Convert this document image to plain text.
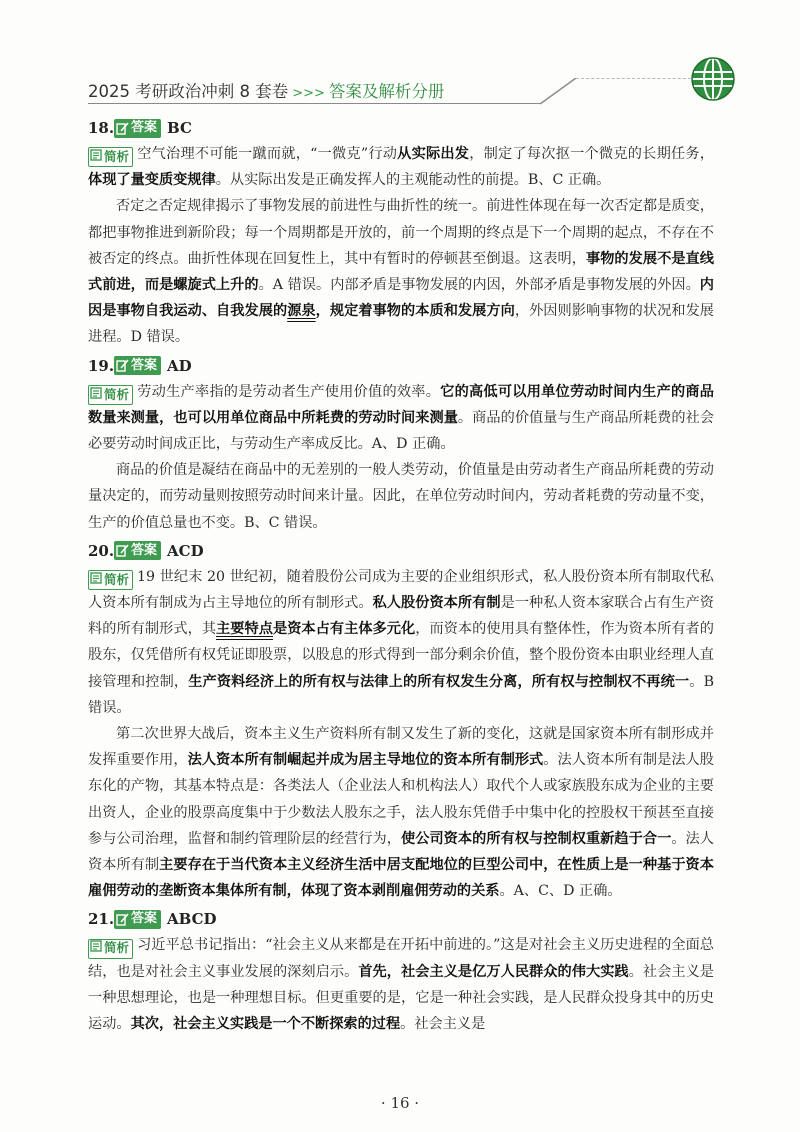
2025 考研政治冲刺 8 套卷 >>> 答案及解析分册
18. 答案 BC

简析 空气治理不可能一蹴而就，“一微克”行动从实际出发，制定了每次抠一个微克的长期任务，体现了量变质变规律。从实际出发是正确发挥人的主观能动性的前提。B、C 正确。

否定之否定规律揭示了事物发展的前进性与曲折性的统一。前进性体现在每一次否定都是质变，都把事物推进到新阶段；每一个周期都是开放的，前一个周期的终点是下一个周期的起点，不存在不被否定的终点。曲折性体现在回复性上，其中有暂时的停顿甚至倒退。这表明，事物的发展不是直线式前进，而是螺旋式上升的。A 错误。内部矛盾是事物发展的内因，外部矛盾是事物发展的外因。内因是事物自我运动、自我发展的源泉，规定着事物的本质和发展方向，外因则影响事物的状况和发展进程。D 错误。

19. 答案 AD

简析 劳动生产率指的是劳动者生产使用价值的效率。它的高低可以用单位劳动时间内生产的商品数量来测量，也可以用单位商品中所耗费的劳动时间来测量。商品的价值量与生产商品所耗费的社会必要劳动时间成正比，与劳动生产率成反比。A、D 正确。

商品的价值是凝结在商品中的无差别的一般人类劳动，价值量是由劳动者生产商品所耗费的劳动量决定的，而劳动量则按照劳动时间来计量。因此，在单位劳动时间内，劳动者耗费的劳动量不变，生产的价值总量也不变。B、C 错误。

20. 答案 ACD

简析 19 世纪末 20 世纪初，随着股份公司成为主要的企业组织形式，私人股份资本所有制取代私人资本所有制成为占主导地位的所有制形式。私人股份资本所有制是一种私人资本家联合占有生产资料的所有制形式，其主要特点是资本占有主体多元化，而资本的使用具有整体性，作为资本所有者的股东，仅凭借所有权凭证即股票，以股息的形式得到一部分剩余价值，整个股份资本由职业经理人直接管理和控制，生产资料经济上的所有权与法律上的所有权发生分离，所有权与控制权不再统一。B 错误。

第二次世界大战后，资本主义生产资料所有制又发生了新的变化，这就是国家资本所有制形成并发挥重要作用，法人资本所有制崛起并成为居主导地位的资本所有制形式。法人资本所有制是法人股东化的产物，其基本特点是：各类法人（企业法人和机构法人）取代个人或家族股东成为企业的主要出资人，企业的股票高度集中于少数法人股东之手，法人股东凭借手中集中化的控股权干预甚至直接参与公司治理，监督和制约管理阶层的经营行为，使公司资本的所有权与控制权重新趋于合一。法人资本所有制主要存在于当代资本主义经济生活中居支配地位的巨型公司中，在性质上是一种基于资本雇佣劳动的垄断资本集体所有制，体现了资本剥削雇佣劳动的关系。A、C、D 正确。

21. 答案 ABCD

简析 习近平总书记指出：“社会主义从来都是在开拓中前进的。”这是对社会主义历史进程的全面总结，也是对社会主义事业发展的深刻启示。首先，社会主义是亿万人民群众的伟大实践。社会主义是一种思想理论，也是一种理想目标。但更重要的是，它是一种社会实践，是人民群众投身其中的历史运动。其次，社会主义实践是一个不断探索的过程。社会主义是

· 16 ·
